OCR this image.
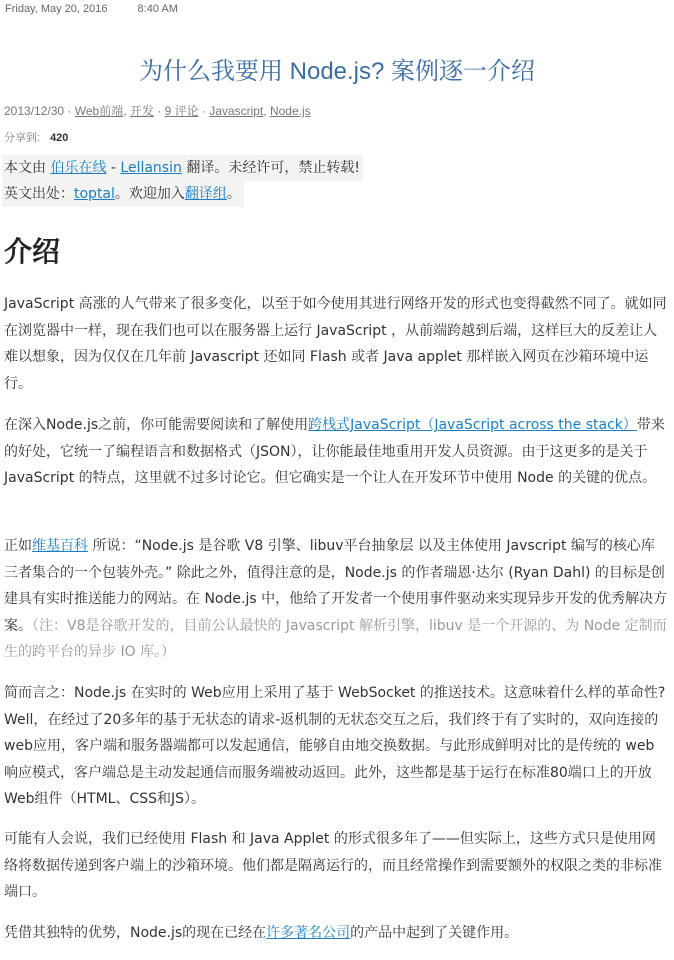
Friday, May 20, 2016	8:40 AM
为什么我要用 Node.js? 案例逐一介绍
2013/12/30 · Web前端, 开发 · 9 评论 · Javascript, Node.js
分享到: 420
本文由 伯乐在线 - Lellansin 翻译。未经许可，禁止转载!
英文出处：toptal。欢迎加入翻译组。
介绍

JavaScript 高涨的人气带来了很多变化，以至于如今使用其进行网络开发的形式也变得截然不同了。就如同在浏览器中一样，现在我们也可以在服务器上运行 JavaScript ，从前端跨越到后端，这样巨大的反差让人难以想象，因为仅仅在几年前 Javascript 还如同 Flash 或者 Java applet 那样嵌入网页在沙箱环境中运行。

在深入Node.js之前，你可能需要阅读和了解使用跨栈式JavaScript（JavaScript across the stack）带来的好处，它统一了编程语言和数据格式（JSON），让你能最佳地重用开发人员资源。由于这更多的是关于 JavaScript 的特点，这里就不过多讨论它。但它确实是一个让人在开发环节中使用 Node 的关键的优点。

正如维基百科 所说：“Node.js 是谷歌 V8 引擎、libuv平台抽象层 以及主体使用 Javscript 编写的核心库三者集合的一个包装外壳。” 除此之外，值得注意的是，Node.js 的作者瑞恩·达尔 (Ryan Dahl) 的目标是创建具有实时推送能力的网站。在 Node.js 中，他给了开发者一个使用事件驱动来实现异步开发的优秀解决方案。（注：V8是谷歌开发的，目前公认最快的 Javascript 解析引擎，libuv 是一个开源的、为 Node 定制而生的跨平台的异步 IO 库。）

简而言之：Node.js 在实时的 Web应用上采用了基于 WebSocket 的推送技术。这意味着什么样的革命性? Well，在经过了20多年的基于无状态的请求-返机制的无状态交互之后，我们终于有了实时的，双向连接的web应用，客户端和服务器端都可以发起通信，能够自由地交换数据。与此形成鲜明对比的是传统的 web响应模式，客户端总是主动发起通信而服务端被动返回。此外，这些都是基于运行在标准80端口上的开放Web组件（HTML、CSS和JS）。

可能有人会说，我们已经使用 Flash 和 Java Applet 的形式很多年了——但实际上，这些方式只是使用网络将数据传递到客户端上的沙箱环境。他们都是隔离运行的，而且经常操作到需要额外的权限之类的非标准端口。

凭借其独特的优势，Node.js的现在已经在许多著名公司的产品中起到了关键作用。
